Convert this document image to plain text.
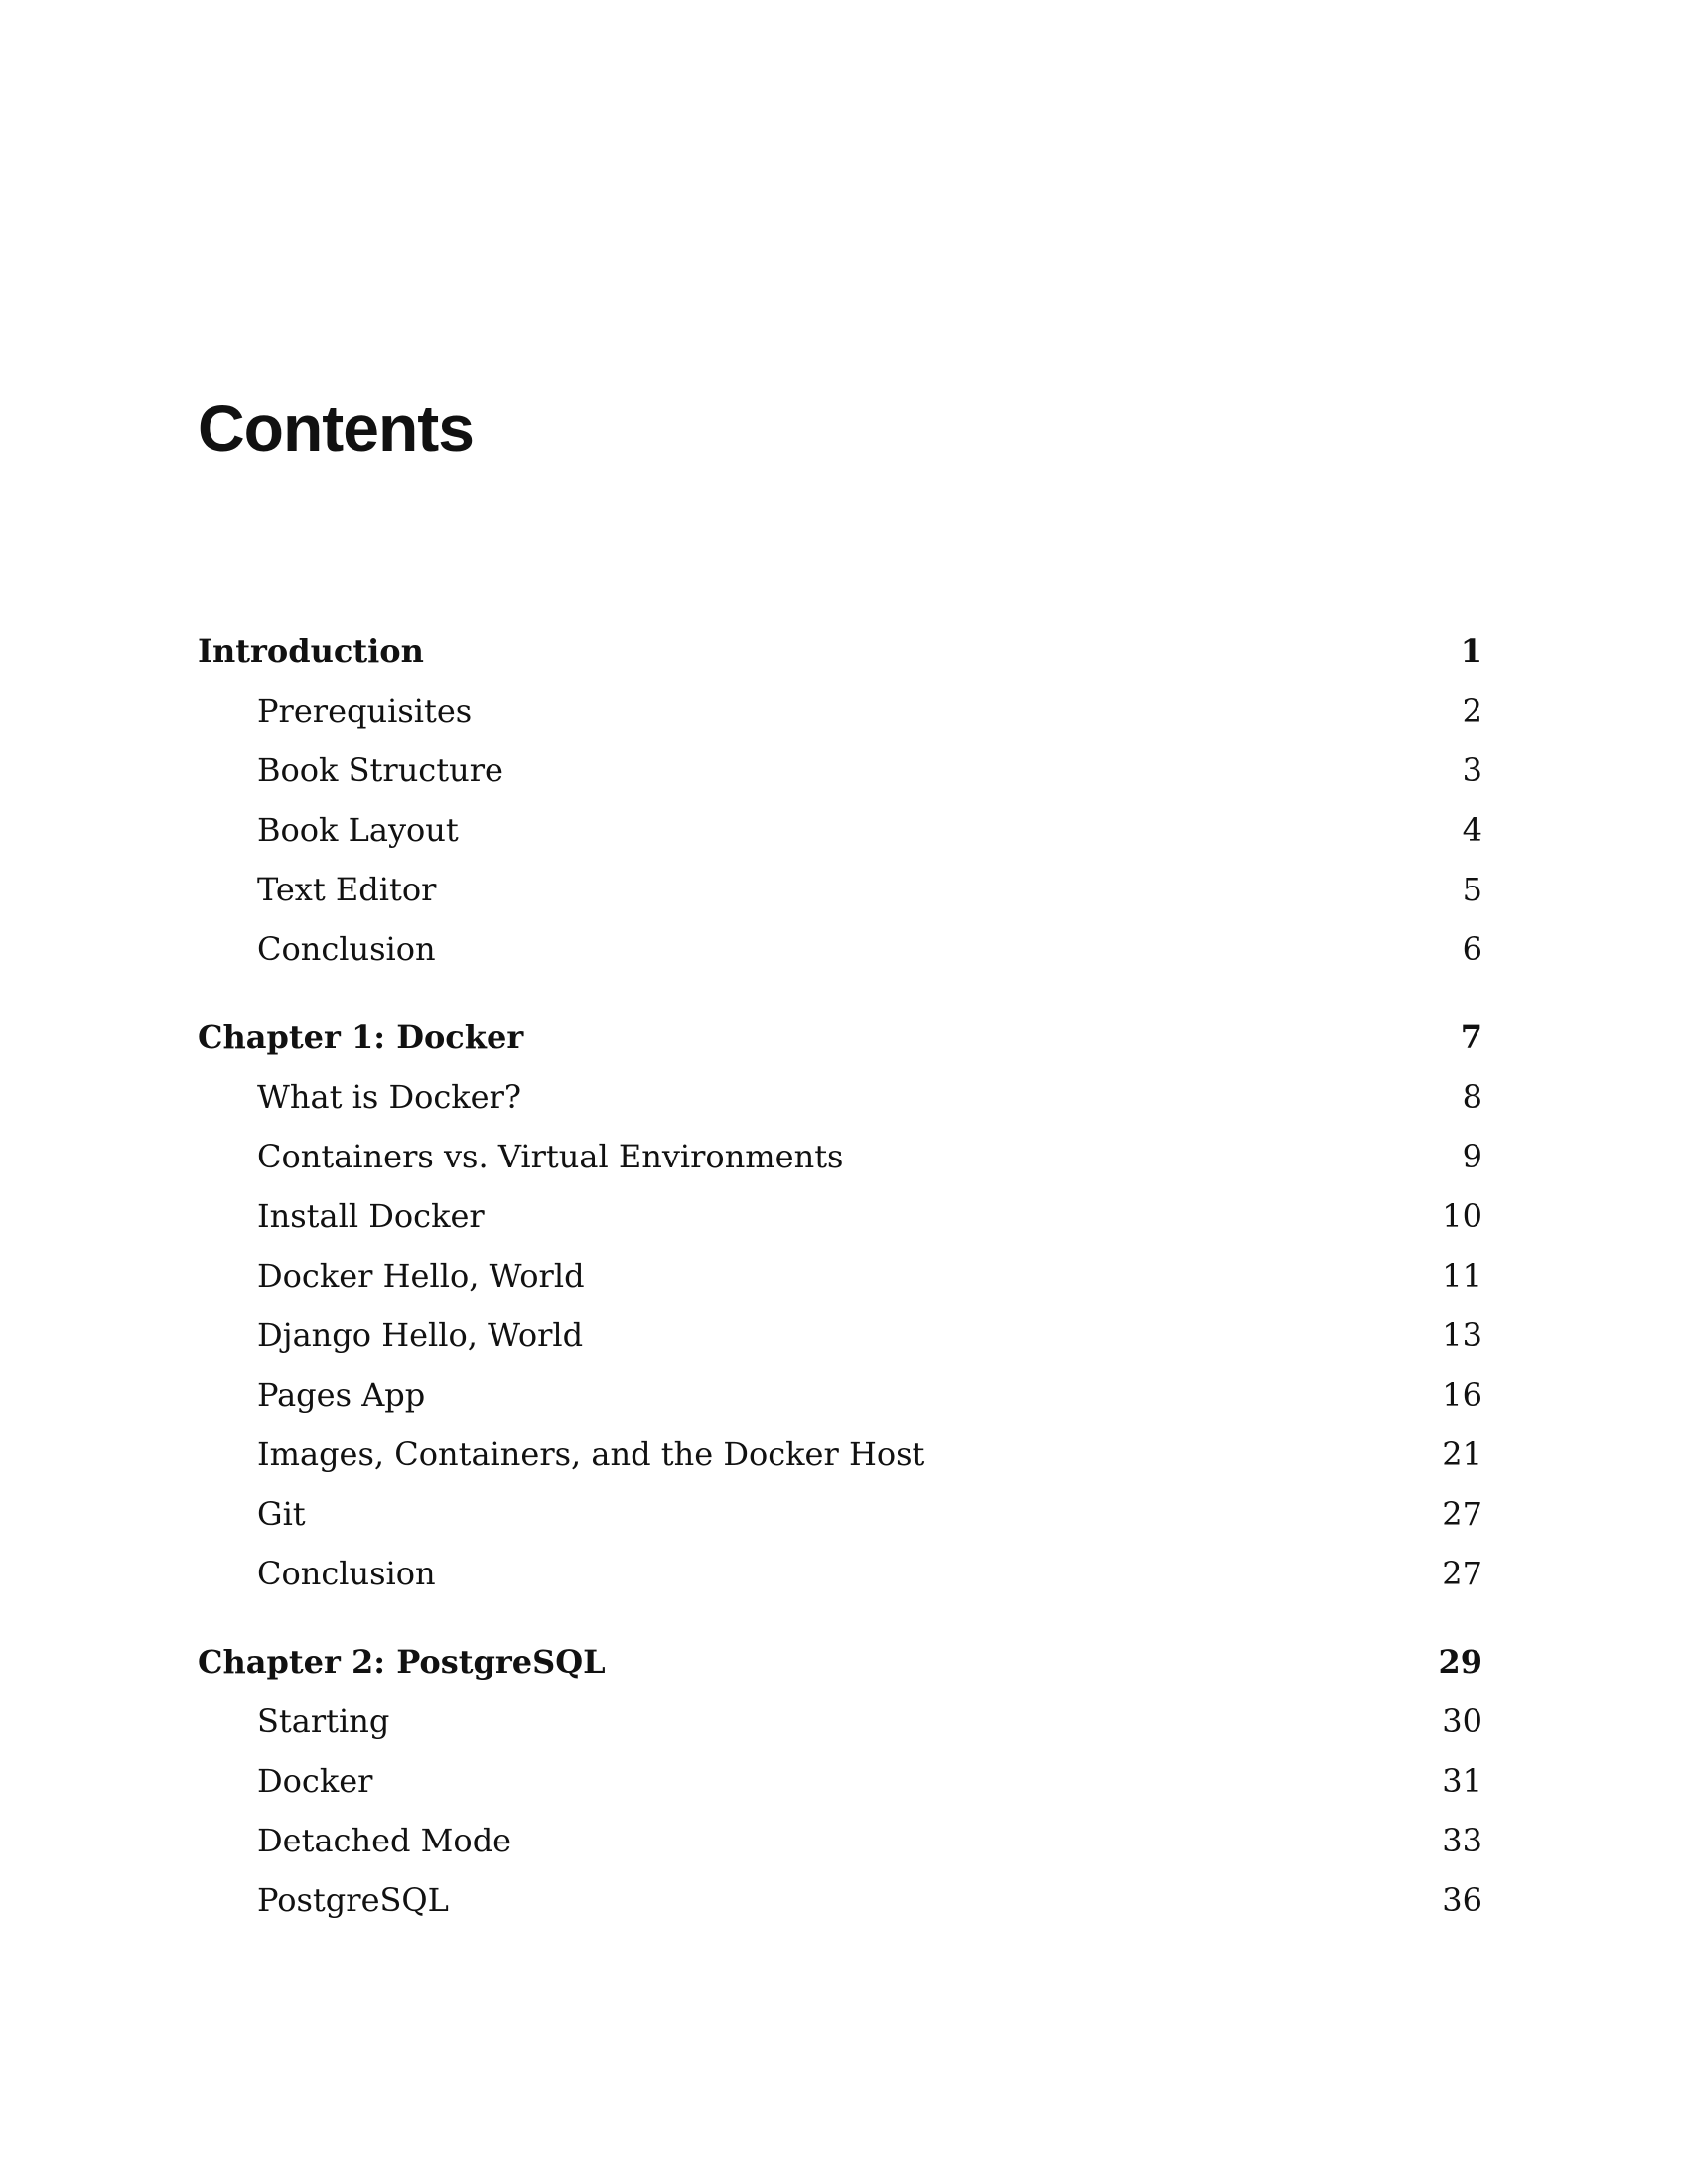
Contents
Introduction	1
Prerequisites	2
Book Structure	3
Book Layout	4
Text Editor	5
Conclusion	6
Chapter 1: Docker	7
What is Docker?	8
Containers vs. Virtual Environments	9
Install Docker	10
Docker Hello, World	11
Django Hello, World	13
Pages App	16
Images, Containers, and the Docker Host	21
Git	27
Conclusion	27
Chapter 2: PostgreSQL	29
Starting	30
Docker	31
Detached Mode	33
PostgreSQL	36
